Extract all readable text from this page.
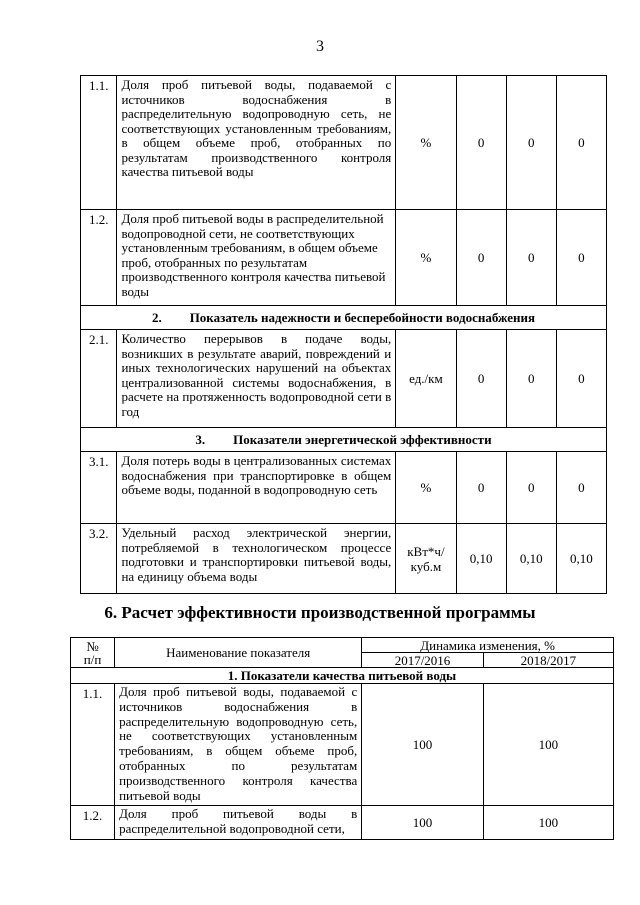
3
1.1.	Доля проб питьевой воды, подаваемой с источников водоснабжения в распределительную водопроводную сеть, не соответствующих установленным требованиям, в общем объеме проб, отобранных по результатам производственного контроля качества питьевой воды	%	0	0	0
1.2.	Доля проб питьевой воды в распределительной водопроводной сети, не соответствующих установленным требованиям, в общем объеме проб, отобранных по результатам производственного контроля качества питьевой воды	%	0	0	0

2. Показатель надежности и бесперебойности водоснабжения					

2.1.	Количество перерывов в подаче воды, возникших в результате аварий, повреждений и иных технологических нарушений на объектах централизованной системы водоснабжения, в расчете на протяженность водопроводной сети в год	ед./км	0	0	0

3. Показатели энергетической эффективности					

3.1.	Доля потерь воды в централизованных системах водоснабжения при транспортировке в общем объеме воды, поданной в водопроводную сеть	%	0	0	0
3.2.	Удельный расход электрической энергии, потребляемой в технологическом процессе подготовки и транспортировки питьевой воды, на единицу объема воды	кВт*ч/ куб.м	0,10	0,10	0,10
6. Расчет эффективности производственной программы
№
п/п	Наименование показателя	Динамика изменения, %	
		2017/2016	2018/2017
1. Показатели качества питьевой воды			
1.1.	Доля проб питьевой воды, подаваемой с источников водоснабжения в распределительную водопроводную сеть, не соответствующих установленным требованиям, в общем объеме проб, отобранных по результатам производственного контроля качества питьевой воды	100	100
1.2.	Доля проб питьевой воды в распределительной водопроводной сети,	100	100
